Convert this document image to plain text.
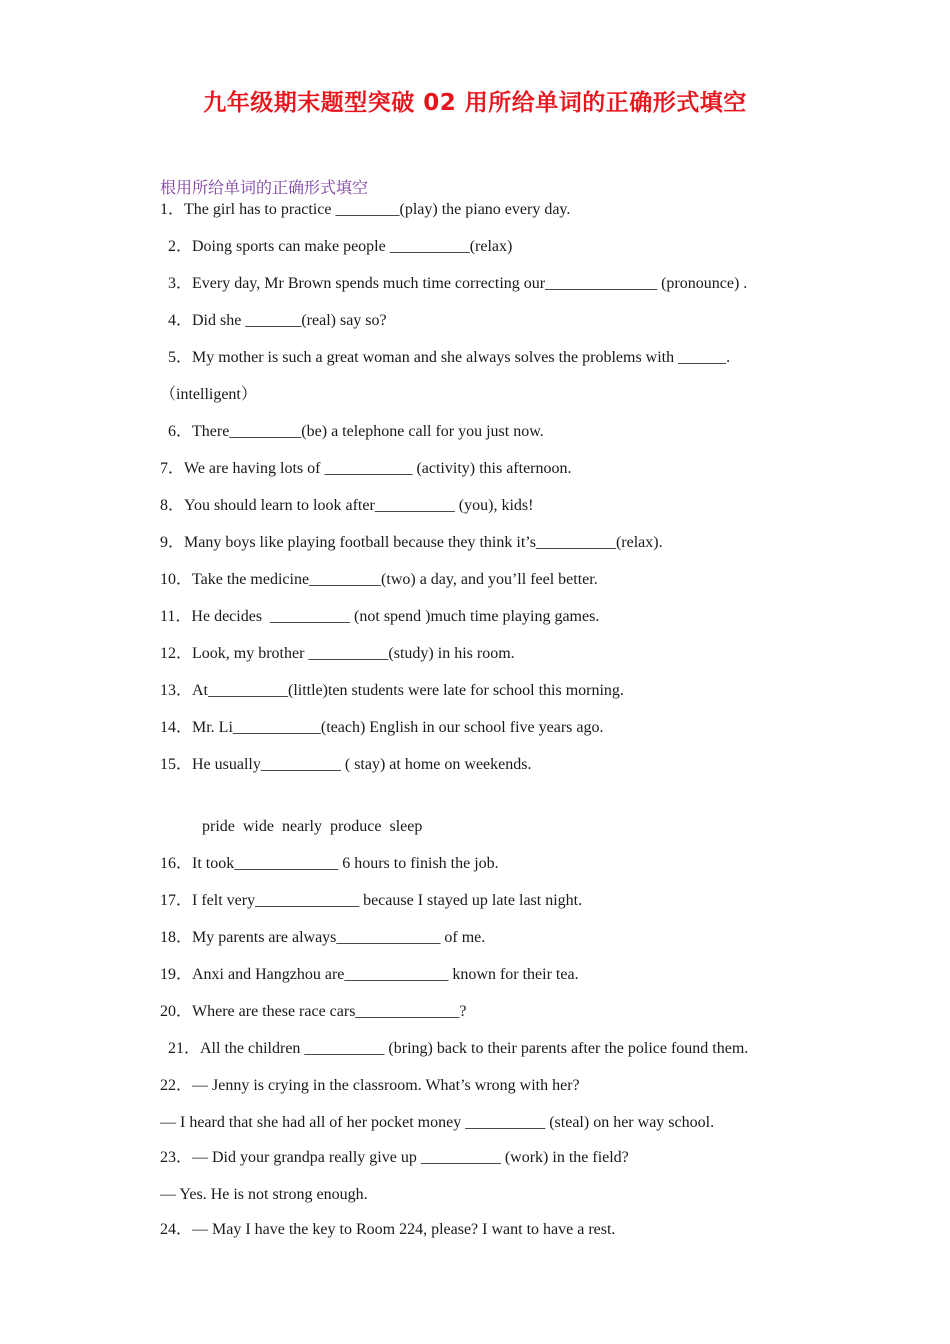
九年级期末题型突破 02 用所给单词的正确形式填空
根用所给单词的正确形式填空
1．The girl has to practice ________(play) the piano every day.
2．Doing sports can make people __________(relax)
3．Every day, Mr Brown spends much time correcting our______________ (pronounce) .
4．Did she _______(real) say so?
5．My mother is such a great woman and she always solves the problems with ______.
（intelligent）
6．There_________(be) a telephone call for you just now.
7．We are having lots of ___________ (activity) this afternoon.
8．You should learn to look after__________ (you), kids!
9．Many boys like playing football because they think it’s__________(relax).
10．Take the medicine_________(two) a day, and you’ll feel better.
11．He decides  __________ (not spend )much time playing games.
12．Look, my brother __________(study) in his room.
13．At__________(little)ten students were late for school this morning.
14．Mr. Li___________(teach) English in our school five years ago.
15．He usually__________ ( stay) at home on weekends.
pride  wide  nearly  produce  sleep
16．It took_____________ 6 hours to finish the job.
17．I felt very_____________ because I stayed up late last night.
18．My parents are always_____________ of me.
19．Anxi and Hangzhou are_____________ known for their tea.
20．Where are these race cars_____________?
21．All the children __________ (bring) back to their parents after the police found them.
22．— Jenny is crying in the classroom. What’s wrong with her?
— I heard that she had all of her pocket money __________ (steal) on her way school.
23．— Did your grandpa really give up __________ (work) in the field?
— Yes. He is not strong enough.
24．— May I have the key to Room 224, please? I want to have a rest.
